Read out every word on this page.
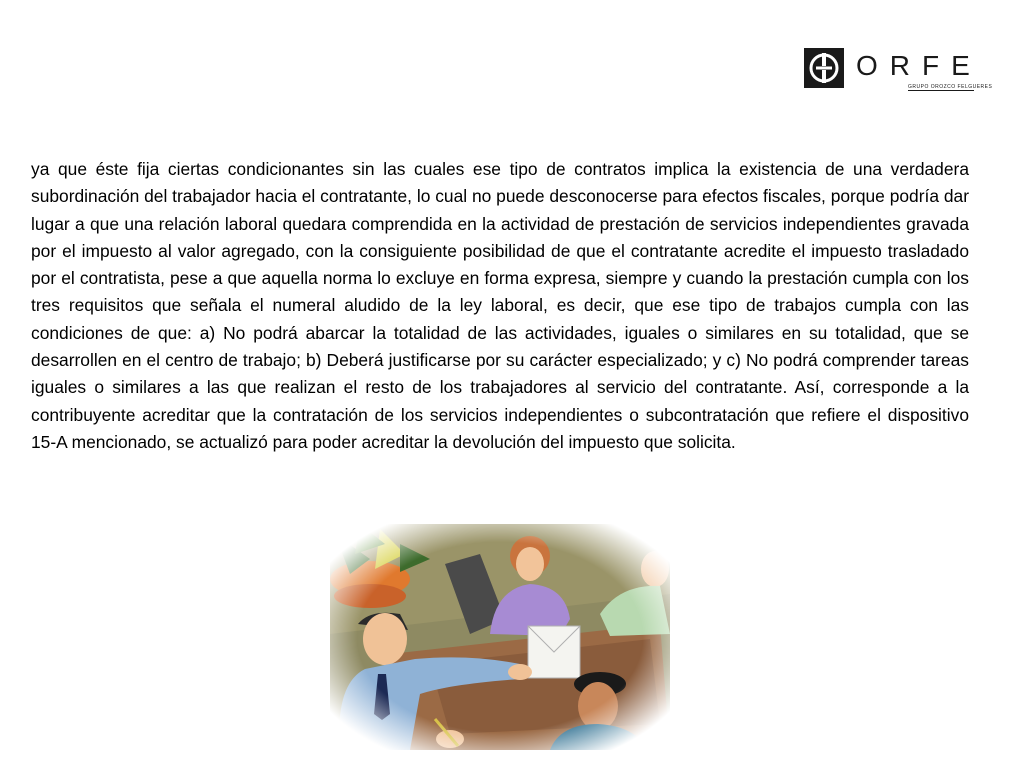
ORFE
GRUPO OROZCO FELGUERES

ya que éste fija ciertas condicionantes sin las cuales ese tipo de contratos implica la existencia de una verdadera subordinación del trabajador hacia el contratante, lo cual no puede desconocerse para efectos fiscales, porque podría dar lugar a que una relación laboral quedara comprendida en la actividad de prestación de servicios independientes gravada por el impuesto al valor agregado, con la consiguiente posibilidad de que el contratante acredite el impuesto trasladado por el contratista, pese a que aquella norma lo excluye en forma expresa, siempre y cuando la prestación cumpla con los tres requisitos que señala el numeral aludido de la ley laboral, es decir, que ese tipo de trabajos cumpla con las condiciones de que: a) No podrá abarcar la totalidad de las actividades, iguales o similares en su totalidad, que se desarrollen en el centro de trabajo; b) Deberá justificarse por su carácter especializado; y c) No podrá comprender tareas iguales o similares a las que realizan el resto de los trabajadores al servicio del contratante. Así, corresponde a la contribuyente acreditar que la contratación de los servicios independientes o subcontratación que refiere el dispositivo 15-A mencionado, se actualizó para poder acreditar la devolución del impuesto que solicita.
